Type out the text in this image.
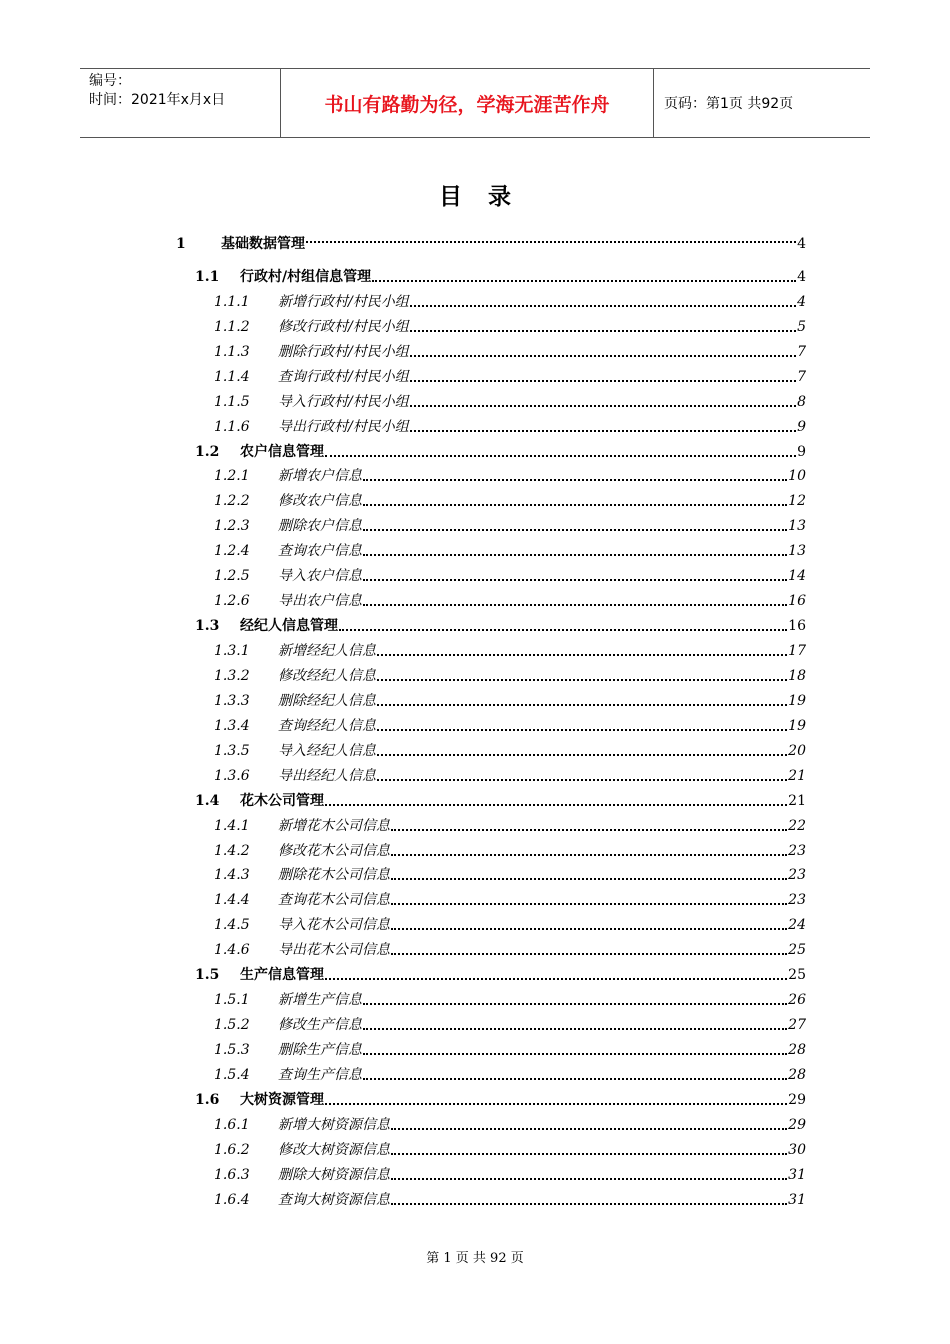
编号：
时间：2021年x月x日	书山有路勤为径，学海无涯苦作舟	页码：第1页 共92页
目录
1	基础数据管理	4
1.1	行政村/村组信息管理	4
1.1.1	新增行政村/村民小组	4
1.1.2	修改行政村/村民小组	5
1.1.3	删除行政村/村民小组	7
1.1.4	查询行政村/村民小组	7
1.1.5	导入行政村/村民小组	8
1.1.6	导出行政村/村民小组	9
1.2	农户信息管理	9
1.2.1	新增农户信息	10
1.2.2	修改农户信息	12
1.2.3	删除农户信息	13
1.2.4	查询农户信息	13
1.2.5	导入农户信息	14
1.2.6	导出农户信息	16
1.3	经纪人信息管理	16
1.3.1	新增经纪人信息	17
1.3.2	修改经纪人信息	18
1.3.3	删除经纪人信息	19
1.3.4	查询经纪人信息	19
1.3.5	导入经纪人信息	20
1.3.6	导出经纪人信息	21
1.4	花木公司管理	21
1.4.1	新增花木公司信息	22
1.4.2	修改花木公司信息	23
1.4.3	删除花木公司信息	23
1.4.4	查询花木公司信息	23
1.4.5	导入花木公司信息	24
1.4.6	导出花木公司信息	25
1.5	生产信息管理	25
1.5.1	新增生产信息	26
1.5.2	修改生产信息	27
1.5.3	删除生产信息	28
1.5.4	查询生产信息	28
1.6	大树资源管理	29
1.6.1	新增大树资源信息	29
1.6.2	修改大树资源信息	30
1.6.3	删除大树资源信息	31
1.6.4	查询大树资源信息	31
第 1 页 共 92 页
